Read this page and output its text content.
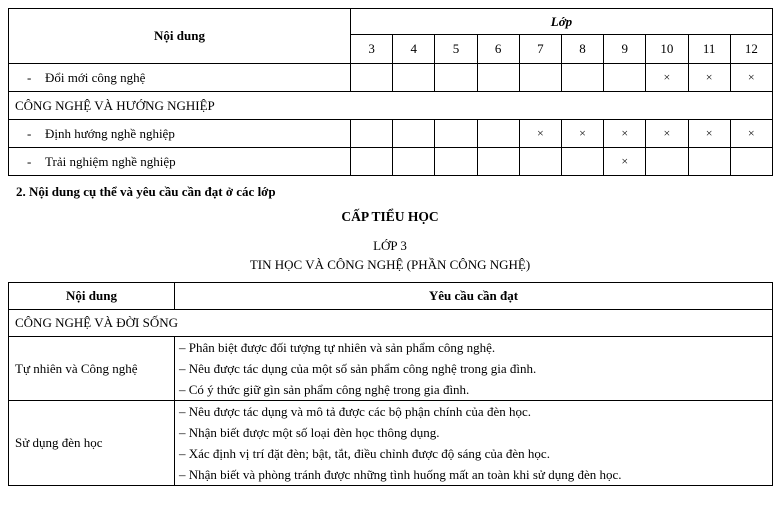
Nội dung	Lớp									
	3	4	5	6	7	8	9	10	11	12
- Đổi mới công nghệ								×	×	×
CÔNG NGHỆ VÀ HƯỚNG NGHIỆP										
- Định hướng nghề nghiệp					×	×	×	×	×	×
- Trải nghiệm nghề nghiệp							×			
2. Nội dung cụ thể và yêu cầu cần đạt ở các lớp
CẤP TIỂU HỌC
LỚP 3
TIN HỌC VÀ CÔNG NGHỆ (PHẦN CÔNG NGHỆ)
Nội dung	Yêu cầu cần đạt
CÔNG NGHỆ VÀ ĐỜI SỐNG	
Tự nhiên và Công nghệ	– Phân biệt được đối tượng tự nhiên và sản phẩm công nghệ.
– Nêu được tác dụng của một số sản phẩm công nghệ trong gia đình.
– Có ý thức giữ gìn sản phẩm công nghệ trong gia đình.

Sử dụng đèn học	– Nêu được tác dụng và mô tả được các bộ phận chính của đèn học.
– Nhận biết được một số loại đèn học thông dụng.
– Xác định vị trí đặt đèn; bật, tắt, điều chỉnh được độ sáng của đèn học.
– Nhận biết và phòng tránh được những tình huống mất an toàn khi sử dụng đèn học.
